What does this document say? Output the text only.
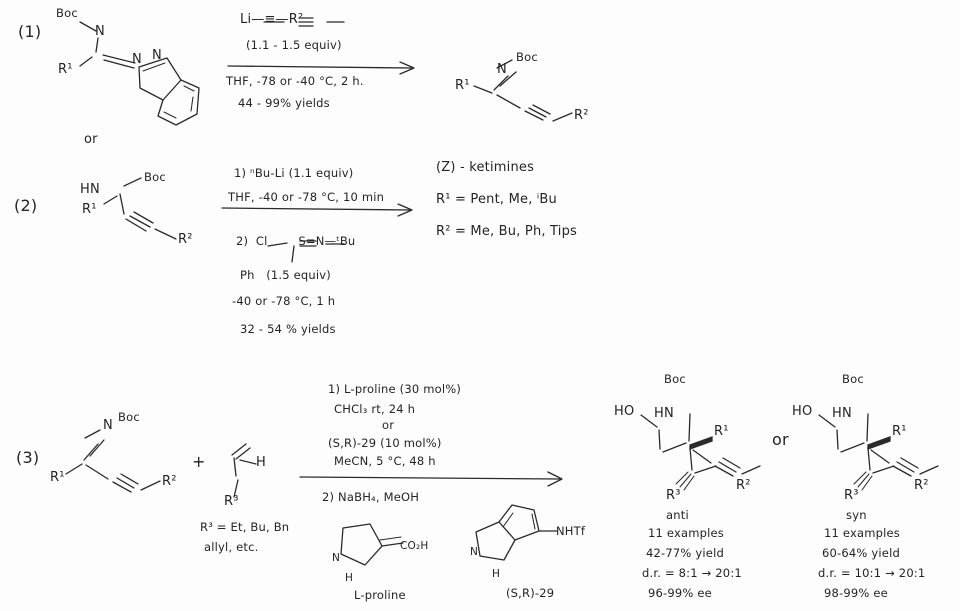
(1)
Boc
N
N N
R¹
Li—≡—R²
(1.1 - 1.5 equiv)
THF, -78 or -40 °C, 2 h.
44 - 99% yields
or
Boc
N
R¹
R²
(2)
HN
Boc
R¹
R²
1) ⁿBu-Li (1.1 equiv)
THF, -40 or -78 °C, 10 min
2)  Cl        S=N—ᵗBu
Ph   (1.5 equiv)
-40 or -78 °C, 1 h
32 - 54 % yields
(Z) - ketimines
R¹ = Pent, Me, ⁱBu
R² = Me, Bu, Ph, Tips
(3)
N
Boc
R¹	R²
+	H
R³
R³ = Et, Bu, Bn
allyl, etc.
1) L-proline (30 mol%)
CHCl₃ rt, 24 h
or
(S,R)-29 (10 mol%)
MeCN, 5 °C, 48 h
2) NaBH₄, MeOH
CO₂H
H
N
L-proline
NHTf
N
H
(S,R)-29
or
Boc
HN
HO
R¹
R²
R³
anti
11 examples
42-77% yield
d.r. = 8:1 → 20:1
96-99% ee
Boc
HN
HO
R¹
R²
R³
syn
11 examples
60-64% yield
d.r. = 10:1 → 20:1
98-99% ee
